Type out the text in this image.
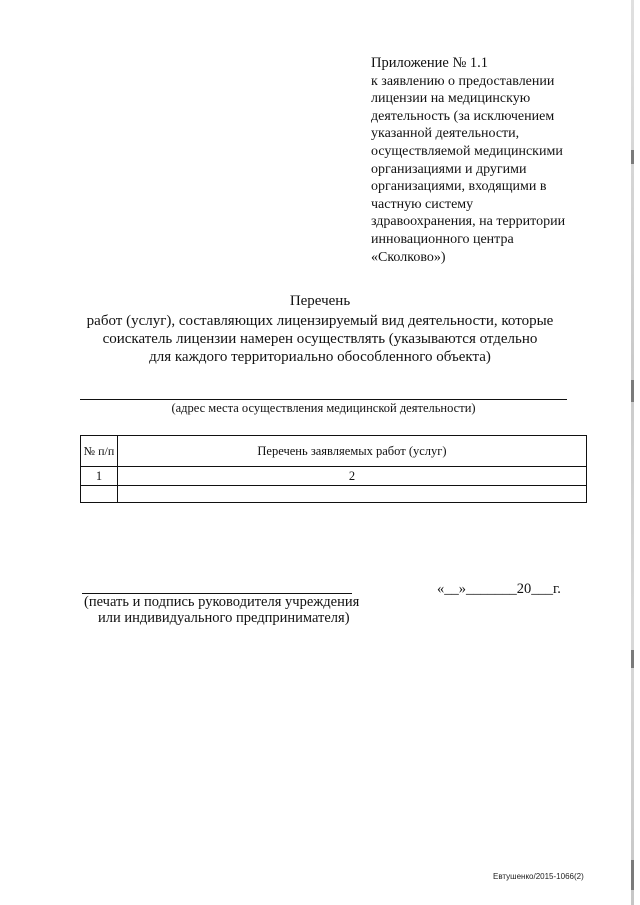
Приложение № 1.1
к заявлению о предоставлении
лицензии на медицинскую
деятельность (за исключением
указанной деятельности,
осуществляемой медицинскими
организациями и другими
организациями, входящими в
частную систему
здравоохранения, на территории
инновационного центра
«Сколково»)
Перечень
работ (услуг), составляющих лицензируемый вид деятельности, которые
соискатель лицензии намерен осуществлять (указываются отдельно
для каждого территориально обособленного объекта)
(адрес места осуществления медицинской деятельности)
№ п/п	Перечень заявляемых работ (услуг)
1	2

(печать и подпись руководителя учреждения
или индивидуального предпринимателя)
«__»_______20___г.
Евтушенко/2015-1066(2)
